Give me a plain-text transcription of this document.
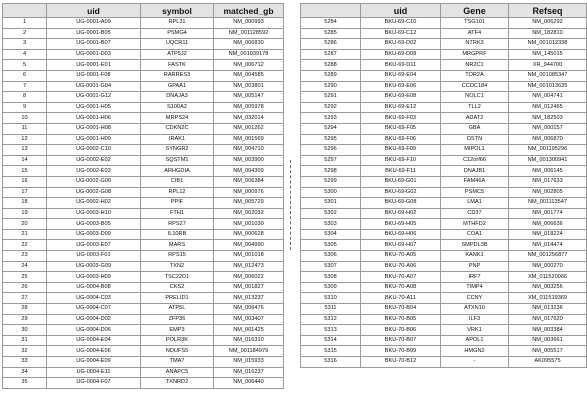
	uid	symbol	matched_gb
1	UG-0001-A09	RPL31	NM_000993
2	UG-0001-B05	PSMG4	NM_001128592
3	UG-0001-B07	UQCR11	NM_006830
4	UG-0001-D03	ATP5J2	NM_001039178
5	UG-0001-E01	FASTK	NM_006712
6	UG-0001-F08	RARRES3	NM_004585
7	UG-0001-G04	GPAA1	NM_003801
8	UG-0001-G12	DNAJA3	NM_005147
9	UG-0001-H05	S100A2	NM_005978
10	UG-0001-H06	MRPS24	NM_032014
11	UG-0001-H08	CDKN2C	NM_001262
12	UG-0001-H09	IRAK1	NM_001569
13	UG-0002-C10	SYNGR2	NM_004710
14	UG-0002-E02	SQSTM1	NM_003900
15	UG-0002-E03	ARHGDIA	NM_004309
16	UG-0002-G06	CIB1	NM_006384
17	UG-0002-G08	RPL12	NM_000976
18	UG-0002-H02	PPIF	NM_005729
19	UG-0003-H10	FTH1	NM_002032
20	UG-0003-B05	RPS27	NM_001030
21	UG-0003-D09	IL10RB	NM_000628
22	UG-0003-E07	MARS	NM_004990
23	UG-0003-F01	RPS15	NM_001018
24	UG-0003-G09	TXN2	NM_012473
25	UG-0003-H09	TSC22D1	NM_006022
26	UG-0004-B08	CKS2	NM_001827
27	UG-0004-C03	PRELID1	NM_013237
28	UG-0004-C07	ATP5L	NM_006476
29	UG-0004-D02	ZFP36	NM_003407
30	UG-0004-D06	EMP3	NM_001425
31	UG-0004-E04	POLR3K	NM_016310
32	UG-0004-E06	NDUFS5	NM_001184979
33	UG-0004-E09	TMA7	NM_015933
34	UG-0004-E11	ANAPC5	NM_016237
35	UG-0004-F07	TXNRD2	NM_006440
	uid	Gene	Refseq
5284	BKU-69-C10	TSG101	NM_006292
5285	BKU-69-C12	ATF4	NM_182810
5286	BKU-69-D02	NTRK3	NM_001012338
5287	BKU-69-D08	MRGPRF	NM_145015
5288	BKU-69-D11	NR2C1	XR_944700
5289	BKU-69-E04	TOR2A	NM_001085347
5290	BKU-69-E06	CCDC184	NM_001013635
5291	BKU-69-E08	NOLC1	NM_004741
5292	BKU-69-E12	TLL2	NM_012465
5293	BKU-69-F03	ADAT2	NM_182503
5294	BKU-69-F05	GBA	NM_000157
5295	BKU-69-F06	DSTN	NM_006870
5296	BKU-69-F09	MIPOL1	NM_001195296
5297	BKU-69-F10	C12orf66	NM_001300941
5298	BKU-69-F11	DNAJB1	NM_006145
5299	BKU-69-G01	FAM46A	NM_017633
5300	BKU-69-G02	PSMC5	NM_002805
5301	BKU-69-G08	LMA1	NM_001113547
5302	BKU-69-H02	CD37	NM_001774
5303	BKU-69-H05	MTHFD2	NM_006636
5304	BKU-69-H06	COA1	NM_018224
5305	BKU-69-H07	SMPDL3B	NM_014474
5306	BKU-70-A05	KANK1	NM_001256877
5307	BKU-70-A06	PNP	NM_000270
5308	BKU-70-A07	IRF7	XM_011520066
5309	BKU-70-A08	TIMP4	NM_003256
5310	BKU-70-A11	CCNY	XM_011519369
5311	BKU-70-B04	ATXN10	NM_013236
5312	BKU-70-B05	ILF3	NM_017620
5313	BKU-70-B06	VRK1	NM_003384
5314	BKU-70-B07	APOL1	NM_003661
5315	BKU-70-B09	HMGN2	NM_005517
5316	BKU-70-B12	-	AK095575
